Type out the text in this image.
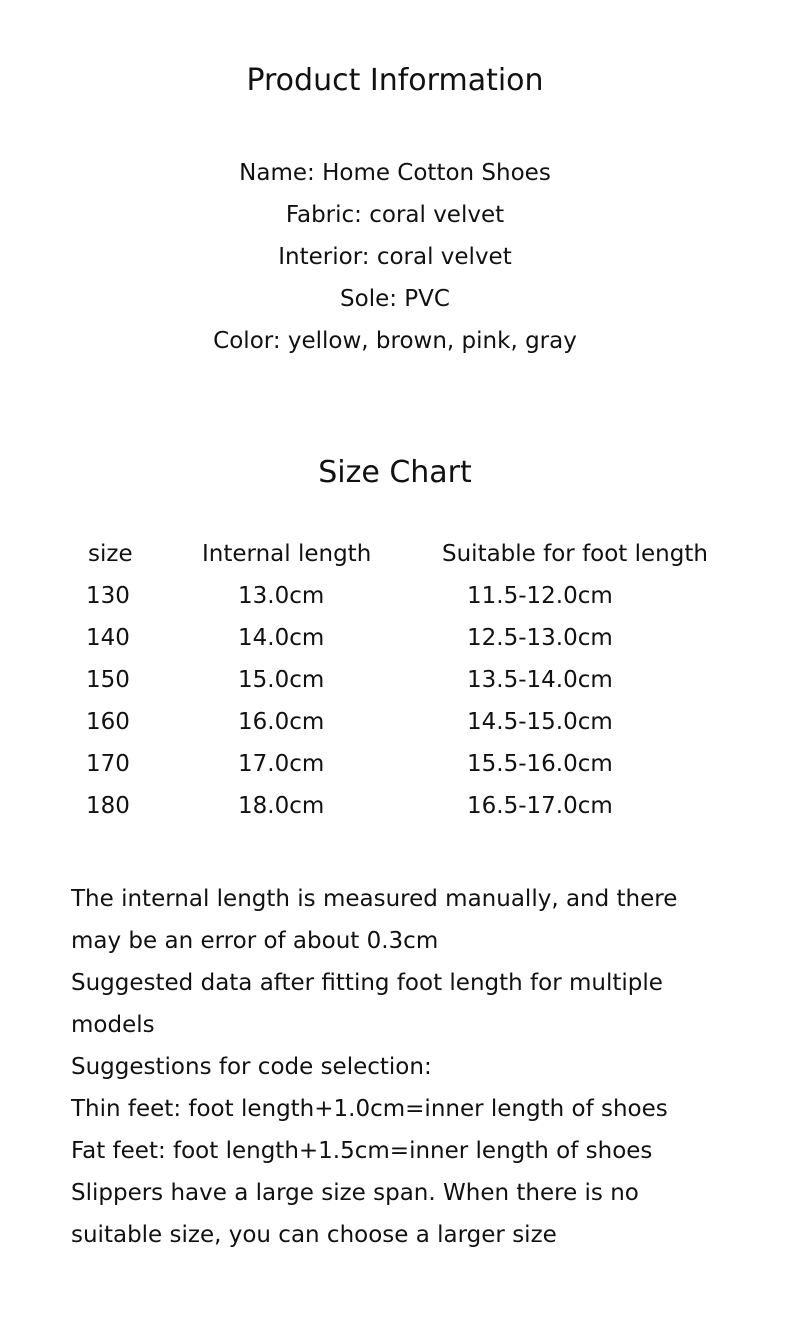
Product Information
Name: Home Cotton Shoes
Fabric: coral velvet
Interior: coral velvet
Sole: PVC
Color: yellow, brown, pink, gray
Size Chart
size	Internal length	Suitable for foot length
130	13.0cm	11.5-12.0cm
140	14.0cm	12.5-13.0cm
150	15.0cm	13.5-14.0cm
160	16.0cm	14.5-15.0cm
170	17.0cm	15.5-16.0cm
180	18.0cm	16.5-17.0cm
The internal length is measured manually, and there may be an error of about 0.3cm
Suggested data after fitting foot length for multiple models
Suggestions for code selection:
Thin feet: foot length+1.0cm=inner length of shoes
Fat feet: foot length+1.5cm=inner length of shoes
Slippers have a large size span. When there is no suitable size, you can choose a larger size
